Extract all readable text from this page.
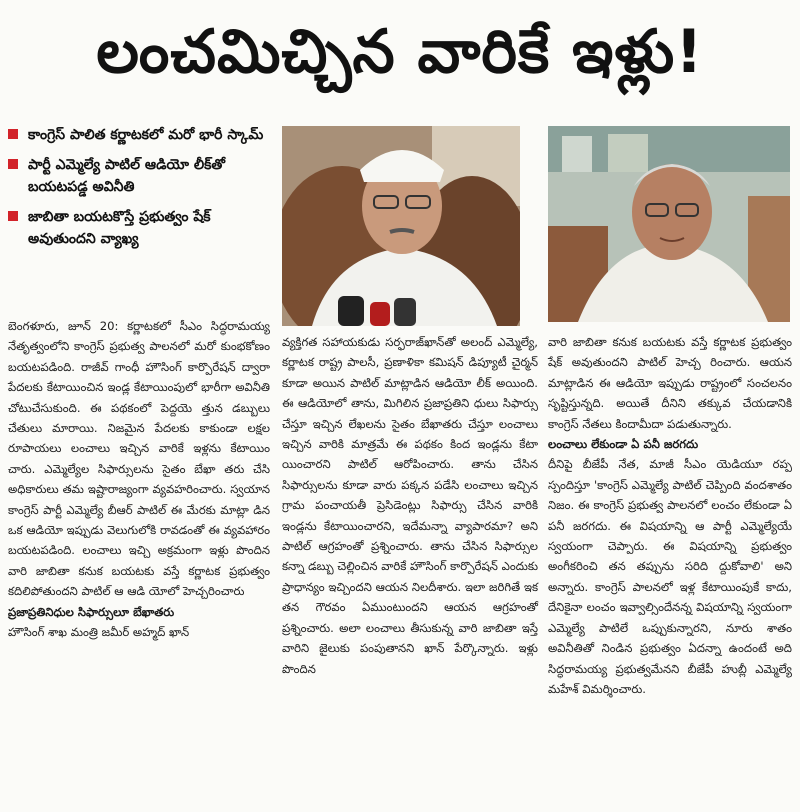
లంచమిచ్చిన వారికే ఇళ్లు!
కాంగ్రెస్ పాలిత కర్ణాటకలో మరో భారీ స్కామ్
పార్టీ ఎమ్మెల్యే పాటిల్ ఆడియో లీక్‌తో బయటపడ్డ అవినీతి
జాబితా బయటకొస్తే ప్రభుత్వం షేక్ అవుతుందని వ్యాఖ్య

బెంగళూరు, జూన్ 20: కర్ణాటకలో సీఎం సిద్ధరామయ్య నేతృత్వంలోని కాంగ్రెస్ ప్రభుత్వ పాలనలో మరో కుంభకోణం బయటపడింది. రాజీవ్ గాంధీ హౌసింగ్ కార్పొరేషన్ ద్వారా పేదలకు కేటాయించిన ఇండ్ల కేటాయింపులో భారీగా అవినీతి చోటుచేసుకుంది. ఈ పథకంలో పెద్దయె త్తున డబ్బులు చేతులు మారాయి. నిజమైన పేదలకు కాకుండా లక్షల రూపాయలు లంచాలు ఇచ్చిన వారికే ఇళ్లను కేటాయిం చారు. ఎమ్మెల్యేల సిఫార్సులను సైతం బేఖా తరు చేసి అధికారులు తమ ఇష్టారాజ్యంగా వ్యవహరించారు. స్వయాన కాంగ్రెస్ పార్టీ ఎమ్మెల్యే బీఆర్ పాటిల్ ఈ మేరకు మాట్లా డిన ఒక ఆడియో ఇప్పుడు వెలుగులోకి రావడంతో ఈ వ్యవహారం బయటపడింది. లంచాలు ఇచ్చి అక్రమంగా ఇళ్లు పొందిన వారి జాబితా కనుక బయటకు వస్తే కర్ణాటక ప్రభుత్వం కదిలిపోతుందని పాటిల్ ఆ ఆడి యోలో హెచ్చరించారు

ప్రజాప్రతినిధుల సిఫార్సులూ బేఖాతరు

హౌసింగ్ శాఖ మంత్రి జమీర్ అహ్మద్ ఖాన్

వ్యక్తిగత సహాయకుడు సర్ఫరాజ్‌ఖాన్‌తో అలంద్ ఎమ్మెల్యే, కర్ణాటక రాష్ట్ర పాలసీ, ప్రణాళికా కమిషన్ డిప్యూటీ చైర్మన్ కూడా అయిన పాటిల్ మాట్లాడిన ఆడియో లీక్ అయింది. ఈ ఆడియోలో తాను, మిగిలిన ప్రజాప్రతిని ధులు సిఫార్సు చేస్తూ ఇచ్చిన లేఖలను సైతం బేఖాతరు చేస్తూ లంచాలు ఇచ్చిన వారికి మాత్రమే ఈ పథకం కింద ఇండ్లను కేటా యించారని పాటిల్ ఆరోపించారు. తాను చేసిన సిఫార్సులను కూడా వారు పక్కన పడేసి లంచాలు ఇచ్చిన గ్రామ పంచాయతీ ప్రెసిడెంట్లు సిఫార్సు చేసిన వారికి ఇండ్లను కేటాయించారని, ఇదేమన్నా వ్యాపారమా? అని పాటిల్ ఆగ్రహంతో ప్రశ్నించారు. తాను చేసిన సిఫార్సుల కన్నా డబ్బు చెల్లించిన వారికే హౌసింగ్ కార్పొరేషన్ ఎందుకు ప్రాధాన్యం ఇచ్చిందని ఆయన నిలదీశారు. ఇలా జరిగితే ఇక తన గౌరవం ఏముంటుందని ఆయన ఆగ్రహంతో ప్రశ్నించారు. అలా లంచాలు తీసుకున్న వారి జాబితా ఇస్తే వారిని జైలుకు పంపుతానని ఖాన్ పేర్కొన్నారు. ఇళ్లు పొందిన

వారి జాబితా కనుక బయటకు వస్తే కర్ణాటక ప్రభుత్వం షేక్ అవుతుందని పాటిల్ హెచ్చ రించారు. ఆయన మాట్లాడిన ఈ ఆడియో ఇప్పుడు రాష్ట్రంలో సంచలనం సృష్టిస్తున్నది. అయితే దీనిని తక్కువ చేయడానికి కాంగ్రెస్ నేతలు కిందామీదా పడుతున్నారు.

లంచాలు లేకుండా ఏ పనీ జరగదు

దీనిపై బీజేపీ నేత, మాజీ సీఎం యెడియూ రప్ప స్పందిస్తూ 'కాంగ్రెస్ ఎమ్మెల్యే పాటిల్ చెప్పింది వందశాతం నిజం. ఈ కాంగ్రెస్ ప్రభుత్వ పాలనలో లంచం లేకుండా ఏ పనీ జరగదు. ఈ విషయాన్ని ఆ పార్టీ ఎమ్మెల్యేయే స్వయంగా చెప్పారు. ఈ విషయాన్ని ప్రభుత్వం అంగీకరించి తన తప్పును సరిది ద్దుకోవాలి' అని అన్నారు. కాంగ్రెస్ పాలనలో ఇళ్ల కేటాయింపుకే కాదు, దేనికైనా లంచం ఇవ్వాల్సిందేనన్న విషయాన్ని స్వయంగా ఎమ్మెల్యే పాటిలే ఒప్పుకున్నారని, నూరు శాతం అవినీతితో నిండిన ప్రభుత్వం ఏదన్నా ఉందంటే అది సిద్ధరామయ్య ప్రభుత్వమేనని బీజేపీ హుబ్లీ ఎమ్మెల్యే మహేశ్ విమర్శించారు.
